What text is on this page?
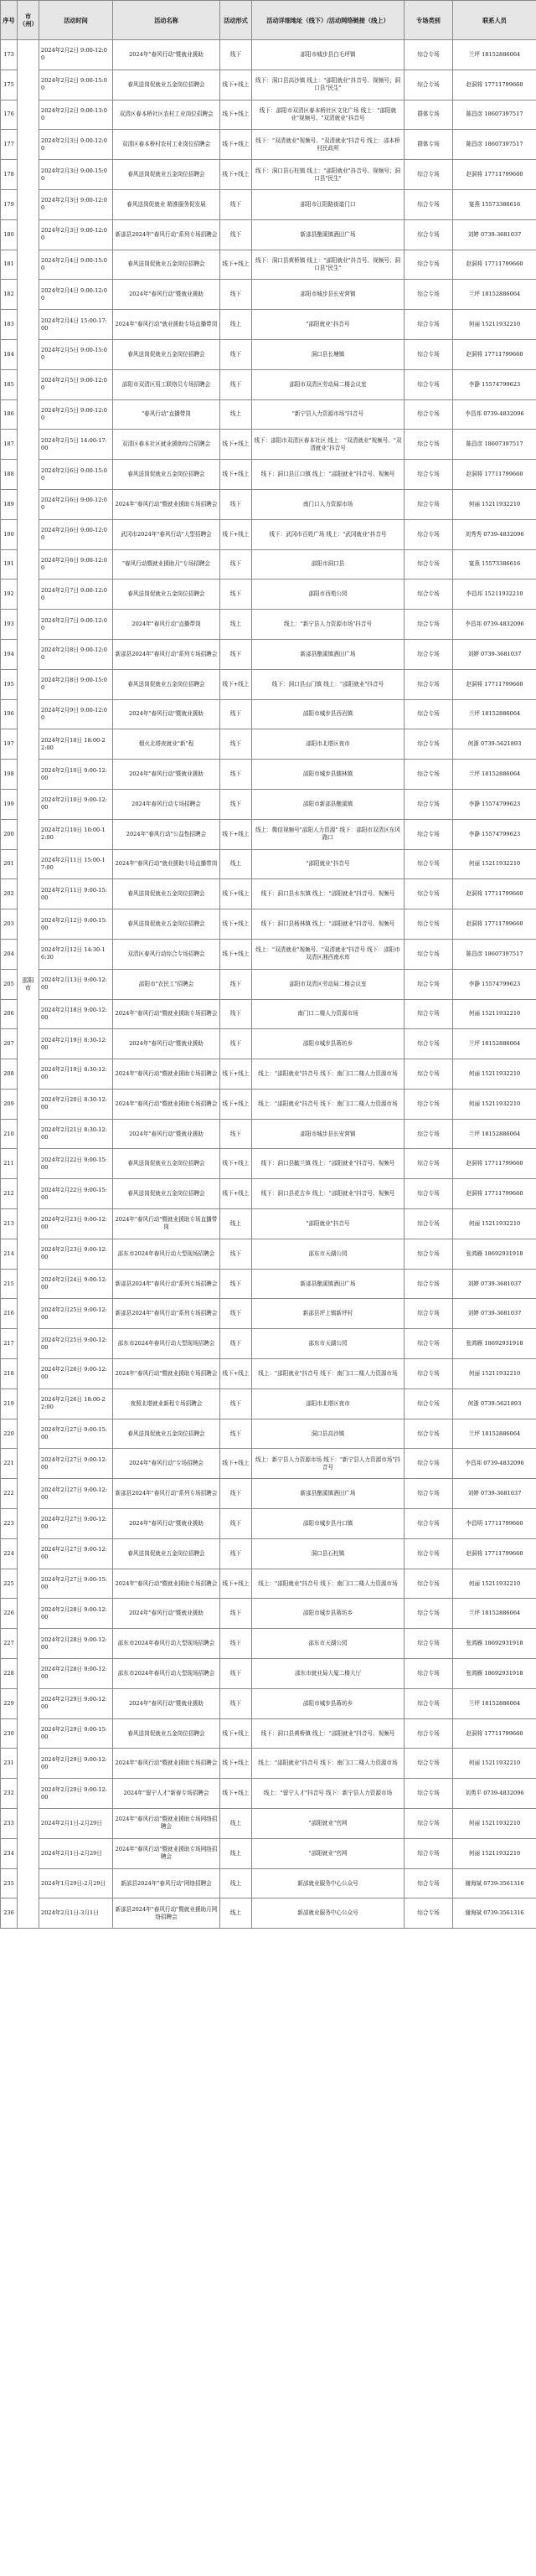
序号	市（州）	活动时间	活动名称	活动形式	活动详细地址（线下）/活动网络链接（线上）	专场类别	联系人员
173	邵阳市	2024年2月2日 9:00-12:00	2024年"春风行动"暨就业援助	线下	邵阳市城步县白毛坪镇	综合专场	兰坪 18152886064
175		2024年2月2日 9:00-15:00	春风送岗促就业五金岗位招聘会	线下+线上	线下：洞口县高沙镇 线上："邵阳就业"抖音号、视频号；洞口县"民生"	综合专场	赵洞将 17711799660
176		2024年2月2日 9:00-13:00	双清区春本桥社区农村工业岗位招聘会	线下+线上	线下：邵阳市双清区春本桥社区文化广场 线上："邵阳就业"视频号、"双清就业"抖音号	群体专场	陈昌彦 18607397517
177		2024年2月3日 9:00-12:00	双清区春本桥村农村工业岗位招聘会	线下+线上	线下："双清就业"视频号、"双清就业"抖音号 线上：邵本桥村民政所	群体专场	陈昌彦 18607397517
178		2024年2月3日 9:00-15:00	春风送岗促就业五金岗位招聘会	线下+线上	线下：洞口县石柱镇 线上："邵阳就业"抖音号、视频号；洞口县"民生"	综合专场	赵洞将 17711799660
179		2024年2月3日 9:00-12:00	春风送岗促就业 精准服务促发展	线下	邵阳市江阳路街道门口	综合专场	宴燕 15573386616
180		2024年2月3日 9:00-12:00	新邵县2024年"春风行动"系列专场招聘会	线下	新邵县酿溪镇酒田广场	综合专场	刘婷 0739-3681037
181		2024年2月4日 9:00-15:00	春风送岗促就业五金岗位招聘会	线下+线上	线下：洞口县黄桥镇 线上："邵阳就业"抖音号、视频号；洞口县"民生"	综合专场	赵洞将 17711799660
182		2024年2月4日 9:00-12:00	2024年"春风行动"暨就业援助	线下	邵阳市城步县长安营镇	综合专场	兰坪 18152886064
183		2024年2月4日 15:00-17:00	2024年"春风行动"就业援助专场直播带岗	线上	"邵阳就业"抖音号	综合专场	何丽 15211932210
184		2024年2月5日 9:00-15:00	春风送岗促就业五金岗位招聘会	线下	洞口县长塘镇	综合专场	赵洞将 17711799660
185		2024年2月5日 9:00-12:00	邵阳市双清区用工联络员专场招聘会	线下	邵阳市双清区劳动局二楼会议室	综合专场	李静 15574799623
186		2024年2月5日 9:00-12:00	"春风行动"直播带岗	线上	"新宁县人力资源市场"抖音号	综合专场	李昌邦 0739-4832096
187		2024年2月5日 14:00-17:00	双清区春本社区就业援助综合招聘会	线下+线上	线下：邵阳市双清区春本社区 线上："双清就业"视频号、"双清就业"抖音号	综合专场	陈昌彦 18607397517
188		2024年2月6日 9:00-15:00	春风送岗促就业五金岗位招聘会	线下+线上	线下：洞口县江口镇 线上："邵阳就业"抖音号、视频号	综合专场	赵洞将 17711799660
189		2024年2月6日 9:00-12:00	2024年"春风行动"暨就业援助专场招聘会	线下	南门口人力资源市场	综合专场	何丽 15211932210
190		2024年2月6日 9:00-12:00	武冈市2024年"春风行动"大型招聘会	线下+线上	线下：武冈市百姓广场 线上："武冈就业"抖音号	综合专场	刘秀秀 0739-4832096
191		2024年2月6日 9:00-12:00	"春风行动暨就业援助月"专场招聘会	线下	邵阳市洞口县	综合专场	宴燕 15573386616
192		2024年2月7日 9:00-12:00	春风送岗促就业五金岗位招聘会	线下	邵阳市西苑公园	综合专场	李昌邦 15211932210
193		2024年2月7日 9:00-12:00	2024年"春风行动"直播带岗	线上	线上："新宁县人力资源市场"抖音号	综合专场	李昌邦 0739-4832096
194		2024年2月8日 9:00-12:00	新邵县2024年"春风行动"系列专场招聘会	线下	新邵县酿溪镇酒田广场	综合专场	刘婷 0739-3681037
195		2024年2月8日 9:00-15:00	春风送岗促就业五金岗位招聘会	线下+线上	线下：洞口县山门镇 线上："邵阳就业"抖音号	综合专场	赵洞将 17711799660
196		2024年2月9日 9:00-12:00	2024年"春风行动"暨就业援助	线下	邵阳市城步县西岩镇	综合专场	兰坪 18152886064
197		2024年2月10日 18:00-22:00	烟火北塔夜就业"新"程	线下	邵阳市北塔区夜市	综合专场	何浙 0739-5621893
198		2024年2月10日 9:00-12:00	2024年"春风行动"暨就业援助	线下	邵阳市城步县儒林镇	综合专场	兰坪 18152886064
199		2024年2月10日 9:00-12:00	2024年春风行动专场招聘会	线下	邵阳市新邵县酿溪镇	综合专场	李静 15574799623
200		2024年2月10日 10:00-12:00	2024年"春风行动"公益性招聘会	线下+线上	线上：微信视频号"邵阳人力资源" 线下：邵阳市双清区东风路口	综合专场	李静 15574799623
201		2024年2月11日 15:00-17:00	2024年"春风行动"就业援助专场直播带岗	线上	"邵阳就业"抖音号	综合专场	何丽 15211932210
202		2024年2月11日 9:00-15:00	春风送岗促就业五金岗位招聘会	线下+线上	线下：洞口县水东镇 线上："邵阳就业"抖音号、视频号	综合专场	赵洞将 17711799660
203		2024年2月12日 9:00-15:00	春风送岗促就业五金岗位招聘会	线下+线上	线下：洞口县杨林镇 线上："邵阳就业"抖音号、视频号	综合专场	赵洞将 17711799660
204		2024年2月12日 14:30-16:30	双清区春风行动综合专场招聘会	线下+线上	线上："双清就业"视频号、"双清就业"抖音号 线下：邵阳市双清区湘西南水库	综合专场	陈昌彦 18607397517
205		2024年2月13日 9:00-12:00	邵阳市"农民工"招聘会	线下	邵阳市双清区劳动局二楼会议室	综合专场	李静 15574799623
206		2024年2月18日 9:00-12:00	2024年"春风行动"暨就业援助专场招聘会	线下	南门口二楼人力资源市场	综合专场	何丽 15211932210
207		2024年2月19日 8:30-12:00	2024年"春风行动"暨就业援助	线下	邵阳市城步县蒋坊乡	综合专场	兰坪 18152886064
208		2024年2月19日 8:30-12:00	2024年"春风行动"暨就业援助专场招聘会	线下+线上	线上："邵阳就业"抖音号 线下：南门口二楼人力资源市场	综合专场	何丽 15211932210
209		2024年2月20日 8:30-12:00	2024年"春风行动"暨就业援助专场招聘会	线下+线上	线上："邵阳就业"抖音号 线下：南门口二楼人力资源市场	综合专场	何丽 15211932210
210		2024年2月21日 8:30-12:00	2024年"春风行动"暨就业援助	线下	邵阳市城步县长安营镇	综合专场	兰坪 18152886064
211		2024年2月22日 9:00-15:00	春风送岗促就业五金岗位招聘会	线下+线上	线下：洞口县毓兰镇 线上："邵阳就业"抖音号、视频号	综合专场	赵洞将 17711799660
212		2024年2月22日 9:00-15:00	春风送岗促就业五金岗位招聘会	线下+线上	线下：洞口县花古乡 线上："邵阳就业"抖音号、视频号	综合专场	赵洞将 17711799660
213		2024年2月23日 9:00-12:00	2024年"春风行动"暨就业援助专场直播带岗	线上	"邵阳就业"抖音号	综合专场	何丽 15211932210
214		2024年2月23日 9:00-12:00	邵东市2024年春风行动大型现场招聘会	线下	邵东市天湖公园	综合专场	张鸿雁 18692931918
215		2024年2月24日 9:00-12:00	新邵县2024年"春风行动"系列专场招聘会	线下	新邵县酿溪镇酒田广场	综合专场	刘婷 0739-3681037
216		2024年2月25日 9:00-12:00	新邵县2024年"春风行动"系列专场招聘会	线下	新邵县坪上镇新坪村	综合专场	刘婷 0739-3681037
217		2024年2月25日 9:00-12:00	邵东市2024年春风行动大型现场招聘会	线下	邵东市天湖公园	综合专场	张鸿雁 18692931918
218		2024年2月26日 9:00-12:00	2024年"春风行动"暨就业援助专场招聘会	线下+线上	线上："邵阳就业"抖音号 线下：南门口二楼人力资源市场	综合专场	何丽 15211932210
219		2024年2月26日 18:00-22:00	夜照北塔就业新程专场招聘会	线下	邵阳市北塔区夜市	综合专场	何浙 0739-5621893
220		2024年2月27日 9:00-15:00	春风送岗促就业五金岗位招聘会	线下	洞口县高沙镇	综合专场	兰坪 18152886064
221		2024年2月27日 9:00-12:00	2024年"春风行动"专场招聘会	线下+线上	线上：新宁县人力资源市场 线下："新宁县人力资源市场"抖音号	综合专场	李昌邦 0739-4832096
222		2024年2月27日 9:00-12:00	新邵县2024年"春风行动"系列专场招聘会	线下	新邵县酿溪镇酒田广场	综合专场	刘婷 0739-3681037
223		2024年2月27日 9:00-12:00	2024年"春风行动"暨就业援助	线下	邵阳市城步县丹口镇	综合专场	李昌明 17711799660
224		2024年2月27日 9:00-12:00	春风送岗促就业五金岗位招聘会	线下	洞口县石柱镇	综合专场	赵洞将 17711799660
225		2024年2月27日 9:00-15:00	2024年"春风行动"暨就业援助专场招聘会	线下+线上	线上："邵阳就业"抖音号 线下：南门口二楼人力资源市场	综合专场	何丽 15211932210
226		2024年2月28日 9:00-12:00	2024年"春风行动"暨就业援助	线下	邵阳市城步县蒋坊乡	综合专场	兰坪 18152886064
227		2024年2月28日 9:00-12:00	邵东市2024年春风行动大型现场招聘会	线下	邵东市天湖公园	综合专场	张鸿雁 18692931918
228		2024年2月28日 9:00-12:00	邵东市2024年春风行动大型现场招聘会	线下	邵东市就业局大厦二楼大厅	综合专场	张鸿雁 18692931918
229		2024年2月29日 9:00-12:00	2024年"春风行动"暨就业援助	线下	邵阳市城步县蒋坊乡	综合专场	兰坪 18152886064
230		2024年2月29日 9:00-15:00	春风送岗促就业五金岗位招聘会	线下+线上	线下：洞口县黄桥镇 线上："邵阳就业"抖音号、视频号	综合专场	赵洞将 17711799660
231		2024年2月29日 9:00-12:00	2024年"春风行动"暨就业援助专场招聘会	线下+线上	线上："邵阳就业"抖音号 线下：南门口二楼人力资源市场	综合专场	何丽 15211932210
232		2024年2月29日 9:00-12:00	2024年"留宁人才"新春专场招聘会	线下+线上	线上："留宁人才"抖音号 线下：新宁县人力资源市场	综合专场	刘勇平 0739-4832096
233		2024年2月1日-2月29日	2024年"春风行动"暨就业援助专场网络招聘会	线上	"邵阳就业"官网	综合专场	何丽 15211932210
234		2024年2月1日-2月29日	2024年"春风行动"暨就业援助专场网络招聘会	线上	"邵阳就业"官网	综合专场	何丽 15211932210
235		2024年1月29日-2月29日	新邵县2024年"春风行动"网络招聘会	线上	新邵就业服务中心公众号	综合专场	谢海斌 0739-3561316
236		2024年2月1日-3月1日	新邵县2024年"春风行动"暨就业援助月网络招聘会	线上	新邵就业服务中心公众号	综合专场	谢海斌 0739-3561316
